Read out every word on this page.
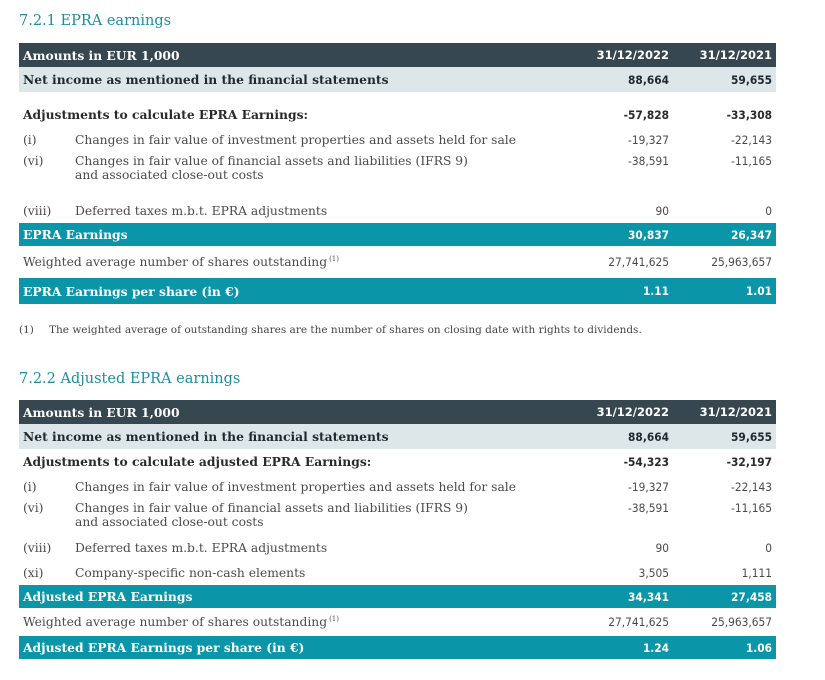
7.2.1 EPRA earnings
Amounts in EUR 1,000		31/12/2022	31/12/2021
Net income as mentioned in the financial statements		88,664	59,655

Adjustments to calculate EPRA Earnings:		-57,828	-33,308
(i)	Changes in fair value of investment properties and assets held for sale	-19,327	-22,143
(vi)	Changes in fair value of financial assets and liabilities (IFRS 9)
and associated close-out costs	-38,591	-11,165

(viii)	Deferred taxes m.b.t. EPRA adjustments	90	0
EPRA Earnings		30,837	26,347
Weighted average number of shares outstanding $^{(1)}$		27,741,625	25,963,657
EPRA Earnings per share (in €)		1.11	1.01
(1) The weighted average of outstanding shares are the number of shares on closing date with rights to dividends.
7.2.2 Adjusted EPRA earnings
Amounts in EUR 1,000		31/12/2022	31/12/2021
Net income as mentioned in the financial statements		88,664	59,655
Adjustments to calculate adjusted EPRA Earnings:		-54,323	-32,197
(i)	Changes in fair value of investment properties and assets held for sale	-19,327	-22,143
(vi)	Changes in fair value of financial assets and liabilities (IFRS 9)
and associated close-out costs	-38,591	-11,165
(viii)	Deferred taxes m.b.t. EPRA adjustments	90	0
(xi)	Company-specific non-cash elements	3,505	1,111
Adjusted EPRA Earnings		34,341	27,458
Weighted average number of shares outstanding $^{(1)}$		27,741,625	25,963,657
Adjusted EPRA Earnings per share (in €)		1.24	1.06
